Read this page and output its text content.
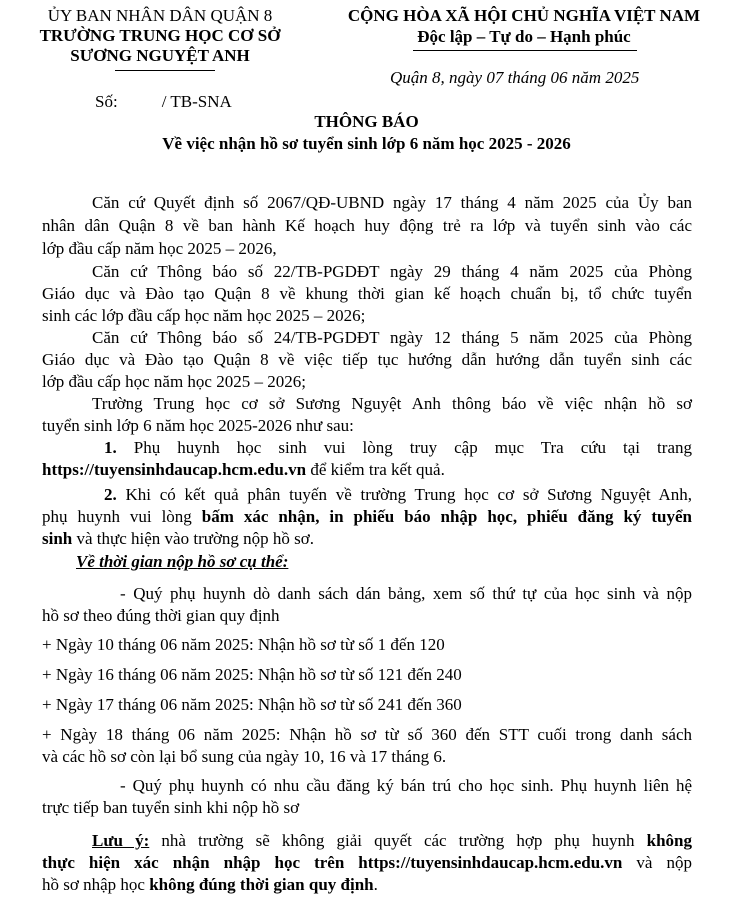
ỦY BAN NHÂN DÂN QUẬN 8
TRƯỜNG TRUNG HỌC CƠ SỞ
SƯƠNG NGUYỆT ANH
CỘNG HÒA XÃ HỘI CHỦ NGHĨA VIỆT NAM
Độc lập – Tự do – Hạnh phúc
Quận 8, ngày 07 tháng 06 năm 2025
Số:	/ TB-SNA
THÔNG BÁO
Về việc nhận hồ sơ tuyển sinh lớp 6 năm học 2025 - 2026
Căn cứ Quyết định số 2067/QĐ-UBND ngày 17 tháng 4 năm 2025 của Ủy ban
nhân dân Quận 8 về ban hành Kế hoạch huy động trẻ ra lớp và tuyển sinh vào các
lớp đầu cấp năm học 2025 – 2026,
Căn cứ Thông báo số 22/TB-PGDĐT ngày 29 tháng 4 năm 2025 của Phòng
Giáo dục và Đào tạo Quận 8 về khung thời gian kế hoạch chuẩn bị, tổ chức tuyển
sinh các lớp đầu cấp học năm học 2025 – 2026;
Căn cứ Thông báo số 24/TB-PGDĐT ngày 12 tháng 5 năm 2025 của Phòng
Giáo dục và Đào tạo Quận 8 về việc tiếp tục hướng dẫn hướng dẫn tuyển sinh các
lớp đầu cấp học năm học 2025 – 2026;
Trường Trung học cơ sở Sương Nguyệt Anh thông báo về việc nhận hồ sơ
tuyển sinh lớp 6 năm học 2025-2026 như sau:
1. Phụ huynh học sinh vui lòng truy cập mục Tra cứu tại trang
https://tuyensinhdaucap.hcm.edu.vn để kiểm tra kết quả.
2. Khi có kết quả phân tuyến về trường Trung học cơ sở Sương Nguyệt Anh,
phụ huynh vui lòng bấm xác nhận, in phiếu báo nhập học, phiếu đăng ký tuyển
sinh và thực hiện vào trường nộp hồ sơ.
Về thời gian nộp hồ sơ cụ thể:
- Quý phụ huynh dò danh sách dán bảng, xem số thứ tự của học sinh và nộp
hồ sơ theo đúng thời gian quy định
+ Ngày 10 tháng 06 năm 2025: Nhận hồ sơ từ số 1 đến 120
+ Ngày 16 tháng 06 năm 2025: Nhận hồ sơ từ số 121 đến 240
+ Ngày 17 tháng 06 năm 2025: Nhận hồ sơ từ số 241 đến 360
+ Ngày 18 tháng 06 năm 2025: Nhận hồ sơ từ số 360 đến STT cuối trong danh sách
và các hồ sơ còn lại bổ sung của ngày 10, 16 và 17 tháng 6.
- Quý phụ huynh có nhu cầu đăng ký bán trú cho học sinh. Phụ huynh liên hệ
trực tiếp ban tuyển sinh khi nộp hồ sơ
Lưu ý: nhà trường sẽ không giải quyết các trường hợp phụ huynh không
thực hiện xác nhận nhập học trên https://tuyensinhdaucap.hcm.edu.vn và nộp
hồ sơ nhập học không đúng thời gian quy định.
